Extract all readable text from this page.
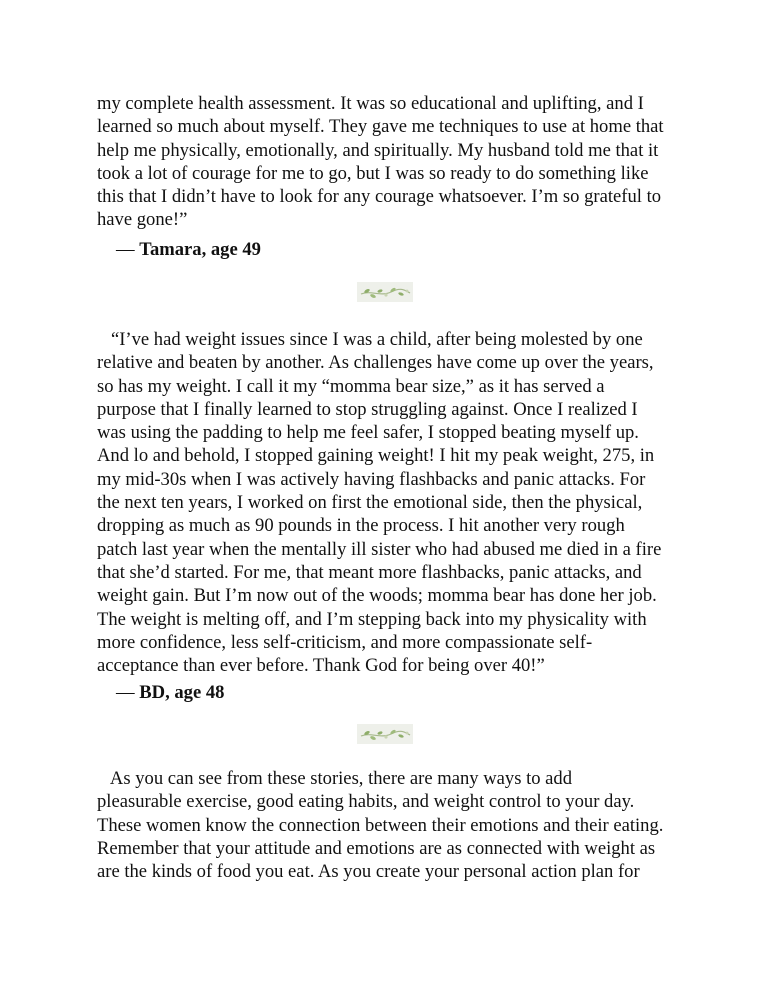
my complete health assessment. It was so educational and uplifting, and I
learned so much about myself. They gave me techniques to use at home that
help me physically, emotionally, and spiritually. My husband told me that it
took a lot of courage for me to go, but I was so ready to do something like
this that I didn’t have to look for any courage whatsoever. I’m so grateful to
have gone!”

— Tamara, age 49

“I’ve had weight issues since I was a child, after being molested by one
relative and beaten by another. As challenges have come up over the years,
so has my weight. I call it my “momma bear size,” as it has served a
purpose that I finally learned to stop struggling against. Once I realized I
was using the padding to help me feel safer, I stopped beating myself up.
And lo and behold, I stopped gaining weight! I hit my peak weight, 275, in
my mid-30s when I was actively having flashbacks and panic attacks. For
the next ten years, I worked on first the emotional side, then the physical,
dropping as much as 90 pounds in the process. I hit another very rough
patch last year when the mentally ill sister who had abused me died in a fire
that she’d started. For me, that meant more flashbacks, panic attacks, and
weight gain. But I’m now out of the woods; momma bear has done her job.
The weight is melting off, and I’m stepping back into my physicality with
more confidence, less self-criticism, and more compassionate self-
acceptance than ever before. Thank God for being over 40!”

— BD, age 48

As you can see from these stories, there are many ways to add
pleasurable exercise, good eating habits, and weight control to your day.
These women know the connection between their emotions and their eating.
Remember that your attitude and emotions are as connected with weight as
are the kinds of food you eat. As you create your personal action plan for
